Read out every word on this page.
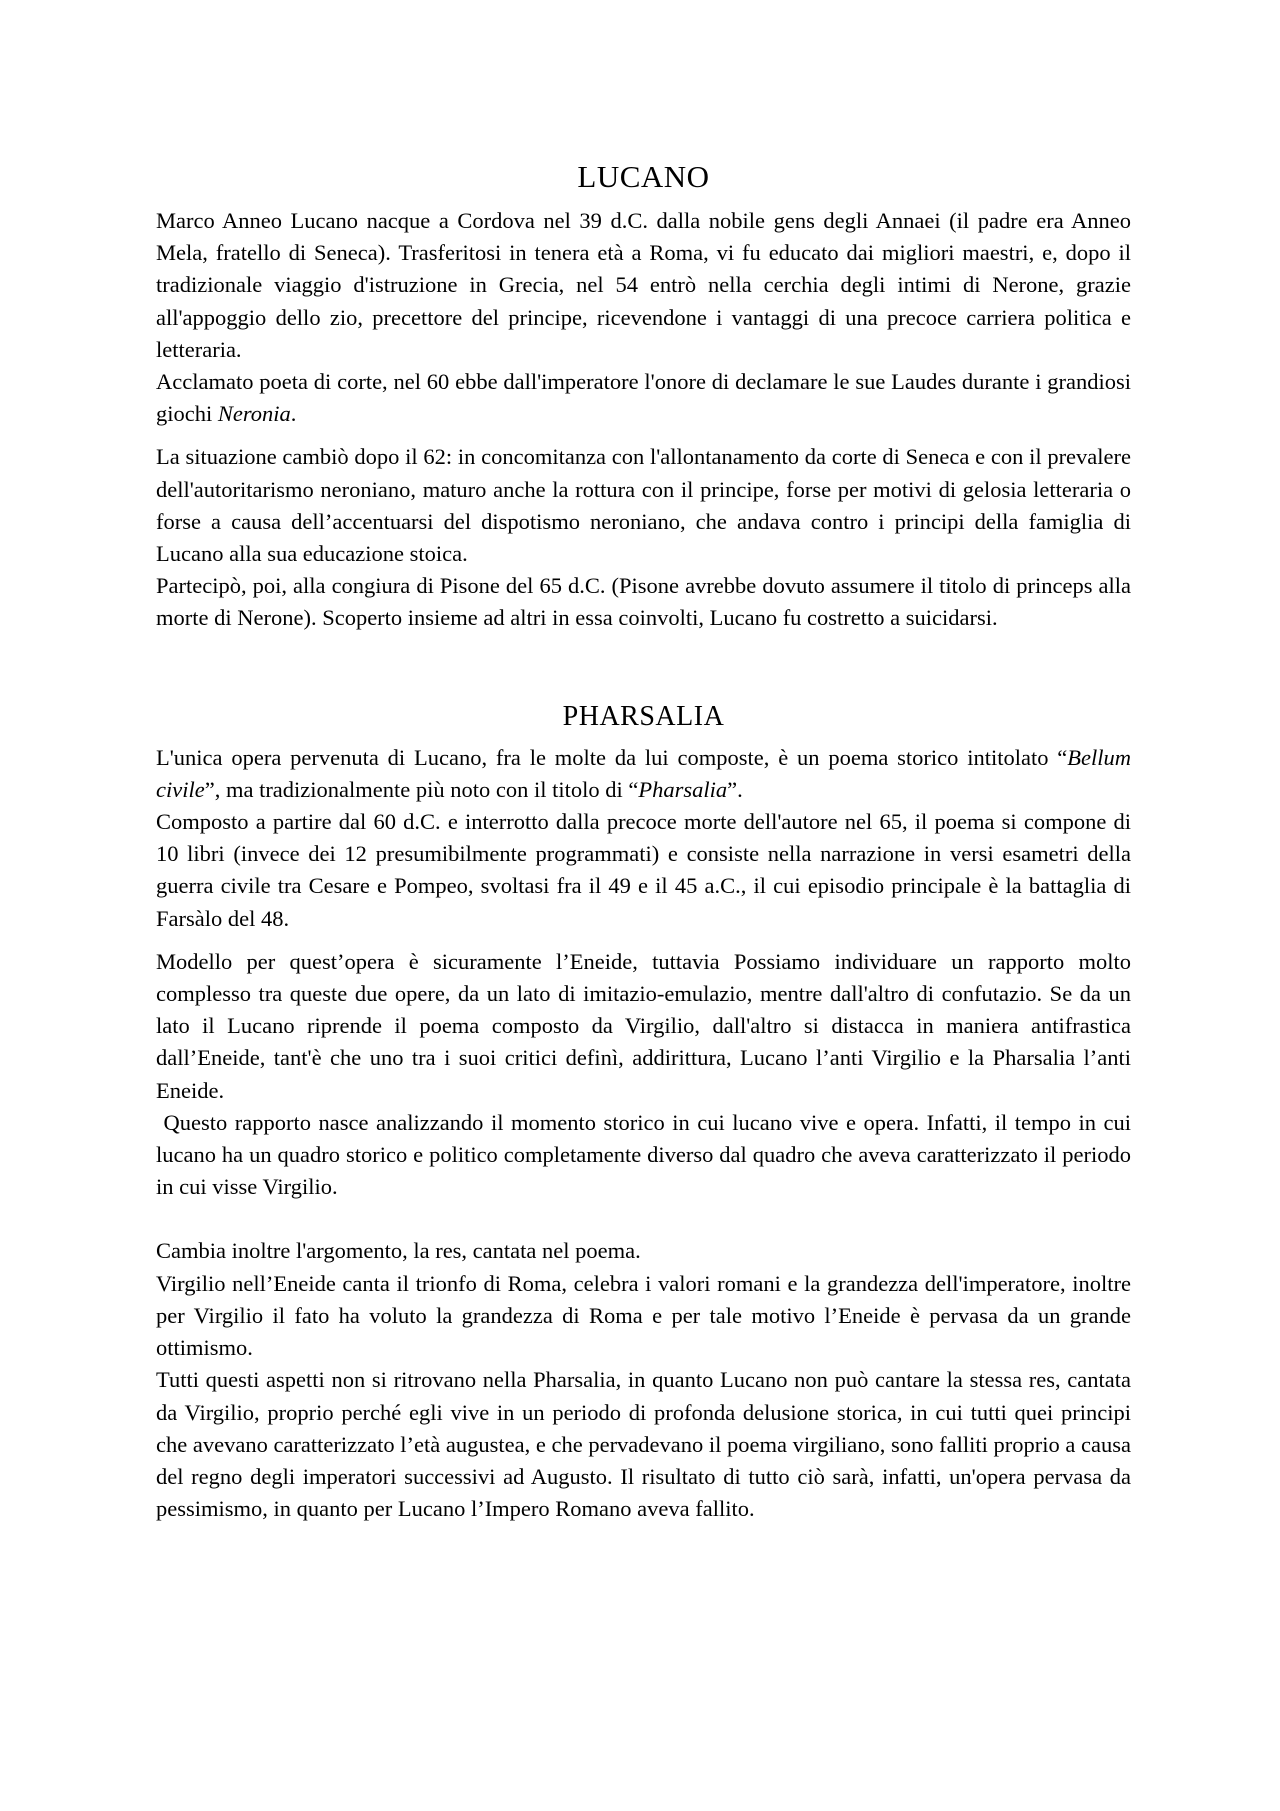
LUCANO

Marco Anneo Lucano nacque a Cordova nel 39 d.C. dalla nobile gens degli Annaei (il padre era Anneo Mela, fratello di Seneca). Trasferitosi in tenera età a Roma, vi fu educato dai migliori maestri, e, dopo il tradizionale viaggio d'istruzione in Grecia, nel 54 entrò nella cerchia degli intimi di Nerone, grazie all'appoggio dello zio, precettore del principe, ricevendone i vantaggi di una precoce carriera politica e letteraria.

Acclamato poeta di corte, nel 60 ebbe dall'imperatore l'onore di declamare le sue Laudes durante i grandiosi giochi Neronia.

La situazione cambiò dopo il 62: in concomitanza con l'allontanamento da corte di Seneca e con il prevalere dell'autoritarismo neroniano, maturo anche la rottura con il principe, forse per motivi di gelosia letteraria o forse a causa dell’accentuarsi del dispotismo neroniano, che andava contro i principi della famiglia di Lucano alla sua educazione stoica.

Partecipò, poi, alla congiura di Pisone del 65 d.C. (Pisone avrebbe dovuto assumere il titolo di princeps alla morte di Nerone). Scoperto insieme ad altri in essa coinvolti, Lucano fu costretto a suicidarsi.

PHARSALIA

L'unica opera pervenuta di Lucano, fra le molte da lui composte, è un poema storico intitolato “Bellum civile”, ma tradizionalmente più noto con il titolo di “Pharsalia”.

Composto a partire dal 60 d.C. e interrotto dalla precoce morte dell'autore nel 65, il poema si compone di 10 libri (invece dei 12 presumibilmente programmati) e consiste nella narrazione in versi esametri della guerra civile tra Cesare e Pompeo, svoltasi fra il 49 e il 45 a.C., il cui episodio principale è la battaglia di Farsàlo del 48.

Modello per quest’opera è sicuramente l’Eneide, tuttavia Possiamo individuare un rapporto molto complesso tra queste due opere, da un lato di imitazio-emulazio, mentre dall'altro di confutazio. Se da un lato il Lucano riprende il poema composto da Virgilio, dall'altro si distacca in maniera antifrastica dall’Eneide, tant'è che uno tra i suoi critici definì, addirittura, Lucano l’anti Virgilio e la Pharsalia l’anti Eneide.

Questo rapporto nasce analizzando il momento storico in cui lucano vive e opera. Infatti, il tempo in cui lucano ha un quadro storico e politico completamente diverso dal quadro che aveva caratterizzato il periodo in cui visse Virgilio.

Cambia inoltre l'argomento, la res, cantata nel poema.

Virgilio nell’Eneide canta il trionfo di Roma, celebra i valori romani e la grandezza dell'imperatore, inoltre per Virgilio il fato ha voluto la grandezza di Roma e per tale motivo l’Eneide è pervasa da un grande ottimismo.

Tutti questi aspetti non si ritrovano nella Pharsalia, in quanto Lucano non può cantare la stessa res, cantata da Virgilio, proprio perché egli vive in un periodo di profonda delusione storica, in cui tutti quei principi che avevano caratterizzato l’età augustea, e che pervadevano il poema virgiliano, sono falliti proprio a causa del regno degli imperatori successivi ad Augusto. Il risultato di tutto ciò sarà, infatti, un'opera pervasa da pessimismo, in quanto per Lucano l’Impero Romano aveva fallito.
